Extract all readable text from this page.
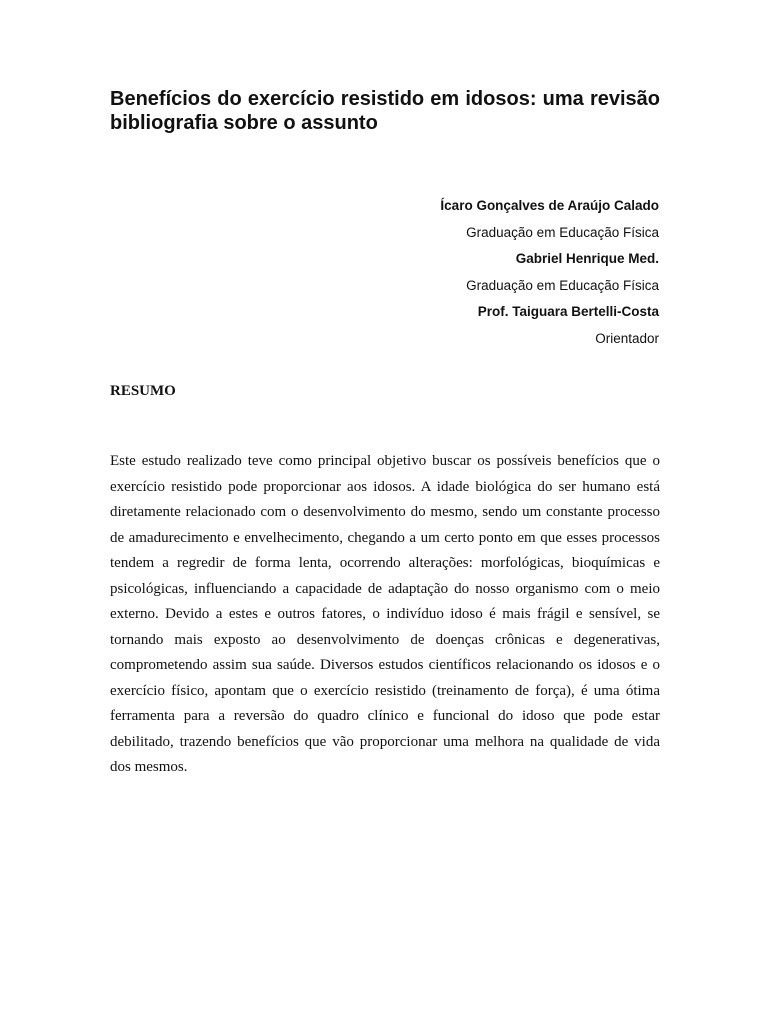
Benefícios do exercício resistido em idosos: uma revisão bibliografia sobre o assunto
Ícaro Gonçalves de Araújo Calado
Graduação em Educação Física
Gabriel Henrique Med.
Graduação em Educação Física
Prof. Taiguara Bertelli-Costa
Orientador
RESUMO

Este estudo realizado teve como principal objetivo buscar os possíveis benefícios que o exercício resistido pode proporcionar aos idosos. A idade biológica do ser humano está diretamente relacionado com o desenvolvimento do mesmo, sendo um constante processo de amadurecimento e envelhecimento, chegando a um certo ponto em que esses processos tendem a regredir de forma lenta, ocorrendo alterações: morfológicas, bioquímicas e psicológicas, influenciando a capacidade de adaptação do nosso organismo com o meio externo. Devido a estes e outros fatores, o indivíduo idoso é mais frágil e sensível, se tornando mais exposto ao desenvolvimento de doenças crônicas e degenerativas, comprometendo assim sua saúde. Diversos estudos científicos relacionando os idosos e o exercício físico, apontam que o exercício resistido (treinamento de força), é uma ótima ferramenta para a reversão do quadro clínico e funcional do idoso que pode estar debilitado, trazendo benefícios que vão proporcionar uma melhora na qualidade de vida dos mesmos.
